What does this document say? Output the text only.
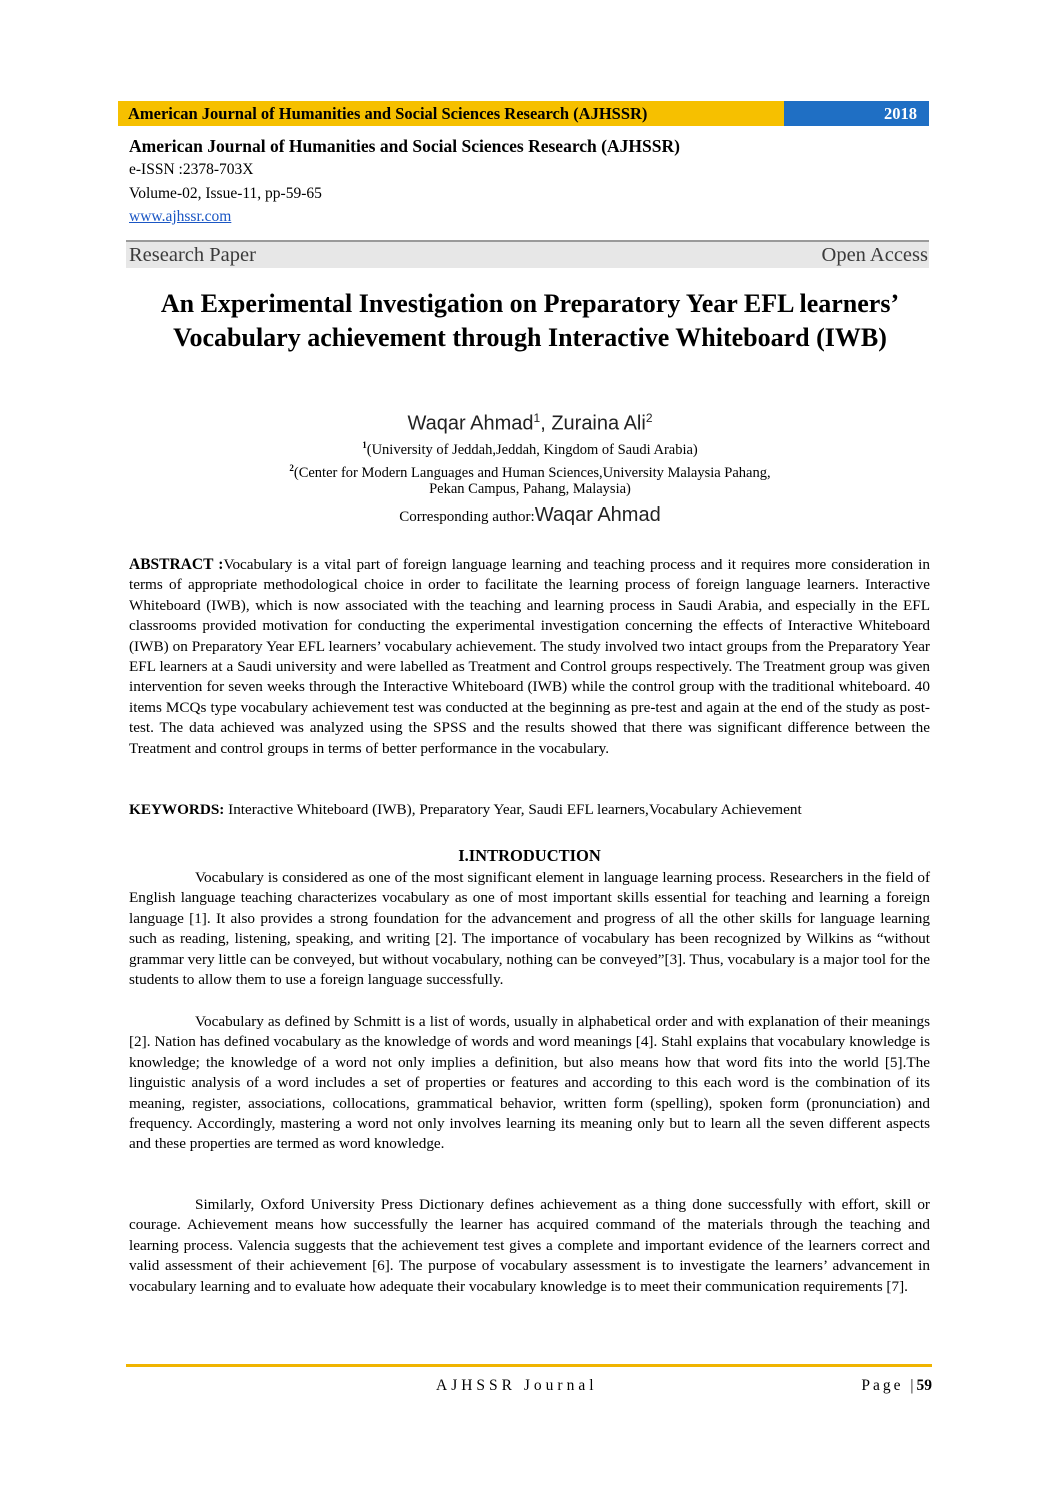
American Journal of Humanities and Social Sciences Research (AJHSSR)	2018
American Journal of Humanities and Social Sciences Research (AJHSSR)
e-ISSN :2378-703X
Volume-02, Issue-11, pp-59-65
www.ajhssr.com
Research Paper	Open Access
An Experimental Investigation on Preparatory Year EFL learners’ Vocabulary achievement through Interactive Whiteboard (IWB)
Waqar Ahmad$^1$, Zuraina Ali$^2$
$^1$(University of Jeddah,Jeddah, Kingdom of Saudi Arabia)
$^2$(Center for Modern Languages and Human Sciences,University Malaysia Pahang,
Pekan Campus, Pahang, Malaysia)
Corresponding author:Waqar Ahmad
ABSTRACT :Vocabulary is a vital part of foreign language learning and teaching process and it requires more consideration in terms of appropriate methodological choice in order to facilitate the learning process of foreign language learners. Interactive Whiteboard (IWB), which is now associated with the teaching and learning process in Saudi Arabia, and especially in the EFL classrooms provided motivation for conducting the experimental investigation concerning the effects of Interactive Whiteboard (IWB) on Preparatory Year EFL learners’ vocabulary achievement. The study involved two intact groups from the Preparatory Year EFL learners at a Saudi university and were labelled as Treatment and Control groups respectively. The Treatment group was given intervention for seven weeks through the Interactive Whiteboard (IWB) while the control group with the traditional whiteboard. 40 items MCQs type vocabulary achievement test was conducted at the beginning as pre-test and again at the end of the study as post-test. The data achieved was analyzed using the SPSS and the results showed that there was significant difference between the Treatment and control groups in terms of better performance in the vocabulary.
KEYWORDS: Interactive Whiteboard (IWB), Preparatory Year, Saudi EFL learners,Vocabulary Achievement
I.INTRODUCTION

Vocabulary is considered as one of the most significant element in language learning process. Researchers in the field of English language teaching characterizes vocabulary as one of most important skills essential for teaching and learning a foreign language [1]. It also provides a strong foundation for the advancement and progress of all the other skills for language learning such as reading, listening, speaking, and writing [2]. The importance of vocabulary has been recognized by Wilkins as “without grammar very little can be conveyed, but without vocabulary, nothing can be conveyed”[3]. Thus, vocabulary is a major tool for the students to allow them to use a foreign language successfully.

Vocabulary as defined by Schmitt is a list of words, usually in alphabetical order and with explanation of their meanings [2]. Nation has defined vocabulary as the knowledge of words and word meanings [4]. Stahl explains that vocabulary knowledge is knowledge; the knowledge of a word not only implies a definition, but also means how that word fits into the world [5].The linguistic analysis of a word includes a set of properties or features and according to this each word is the combination of its meaning, register, associations, collocations, grammatical behavior, written form (spelling), spoken form (pronunciation) and frequency. Accordingly, mastering a word not only involves learning its meaning only but to learn all the seven different aspects and these properties are termed as word knowledge.

Similarly, Oxford University Press Dictionary defines achievement as a thing done successfully with effort, skill or courage. Achievement means how successfully the learner has acquired command of the materials through the teaching and learning process. Valencia suggests that the achievement test gives a complete and important evidence of the learners correct and valid assessment of their achievement [6]. The purpose of vocabulary assessment is to investigate the learners’ advancement in vocabulary learning and to evaluate how adequate their vocabulary knowledge is to meet their communication requirements [7].

AJHSSR Journal	Page |59
